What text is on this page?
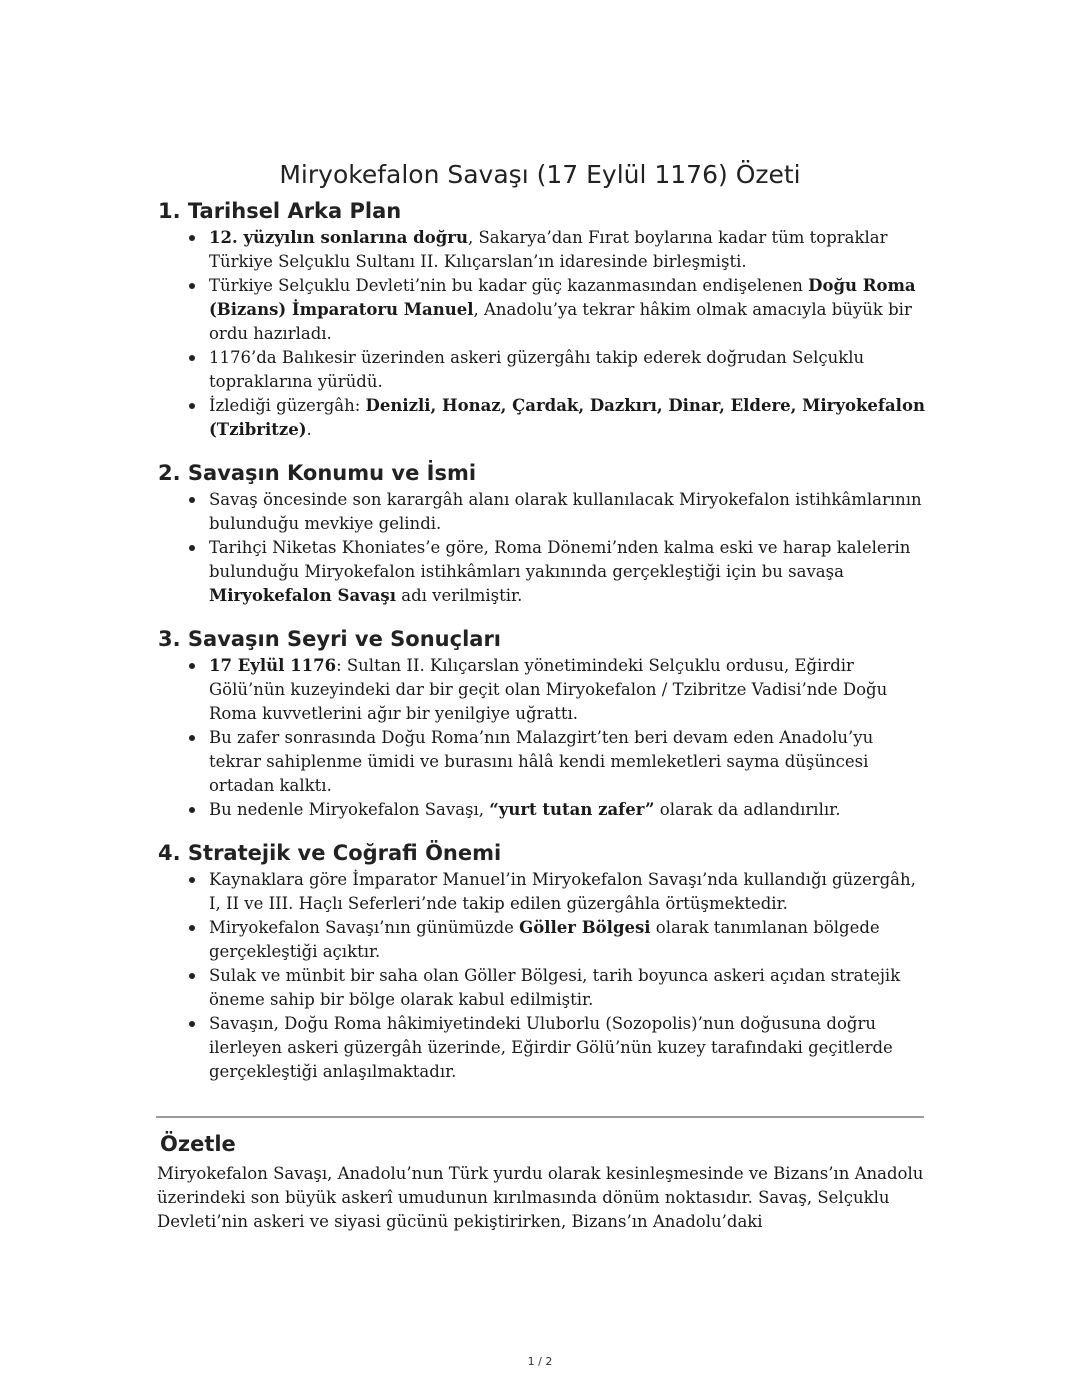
Miryokefalon Savaşı (17 Eylül 1176) Özeti
1. Tarihsel Arka Plan
12. yüzyılın sonlarına doğru, Sakarya’dan Fırat boylarına kadar tüm topraklar Türkiye Selçuklu Sultanı II. Kılıçarslan’ın idaresinde birleşmişti.
Türkiye Selçuklu Devleti’nin bu kadar güç kazanmasından endişelenen Doğu Roma (Bizans) İmparatoru Manuel, Anadolu’ya tekrar hâkim olmak amacıyla büyük bir ordu hazırladı.
1176’da Balıkesir üzerinden askeri güzergâhı takip ederek doğrudan Selçuklu topraklarına yürüdü.
İzlediği güzergâh: Denizli, Honaz, Çardak, Dazkırı, Dinar, Eldere, Miryokefalon (Tzibritze).
2. Savaşın Konumu ve İsmi
Savaş öncesinde son karargâh alanı olarak kullanılacak Miryokefalon istihkâmlarının bulunduğu mevkiye gelindi.
Tarihçi Niketas Khoniates’e göre, Roma Dönemi’nden kalma eski ve harap kalelerin bulunduğu Miryokefalon istihkâmları yakınında gerçekleştiği için bu savaşa Miryokefalon Savaşı adı verilmiştir.
3. Savaşın Seyri ve Sonuçları
17 Eylül 1176: Sultan II. Kılıçarslan yönetimindeki Selçuklu ordusu, Eğirdir Gölü’nün kuzeyindeki dar bir geçit olan Miryokefalon / Tzibritze Vadisi’nde Doğu Roma kuvvetlerini ağır bir yenilgiye uğrattı.
Bu zafer sonrasında Doğu Roma’nın Malazgirt’ten beri devam eden Anadolu’yu tekrar sahiplenme ümidi ve burasını hâlâ kendi memleketleri sayma düşüncesi ortadan kalktı.
Bu nedenle Miryokefalon Savaşı, “yurt tutan zafer” olarak da adlandırılır.
4. Stratejik ve Coğrafi Önemi
Kaynaklara göre İmparator Manuel’in Miryokefalon Savaşı’nda kullandığı güzergâh, I, II ve III. Haçlı Seferleri’nde takip edilen güzergâhla örtüşmektedir.
Miryokefalon Savaşı’nın günümüzde Göller Bölgesi olarak tanımlanan bölgede gerçekleştiği açıktır.
Sulak ve münbit bir saha olan Göller Bölgesi, tarih boyunca askeri açıdan stratejik öneme sahip bir bölge olarak kabul edilmiştir.
Savaşın, Doğu Roma hâkimiyetindeki Uluborlu (Sozopolis)’nun doğusuna doğru ilerleyen askeri güzergâh üzerinde, Eğirdir Gölü’nün kuzey tarafındaki geçitlerde gerçekleştiği anlaşılmaktadır.
Özetle

Miryokefalon Savaşı, Anadolu’nun Türk yurdu olarak kesinleşmesinde ve Bizans’ın Anadolu üzerindeki son büyük askerî umudunun kırılmasında dönüm noktasıdır. Savaş, Selçuklu Devleti’nin askeri ve siyasi gücünü pekiştirirken, Bizans’ın Anadolu’daki

1 / 2
